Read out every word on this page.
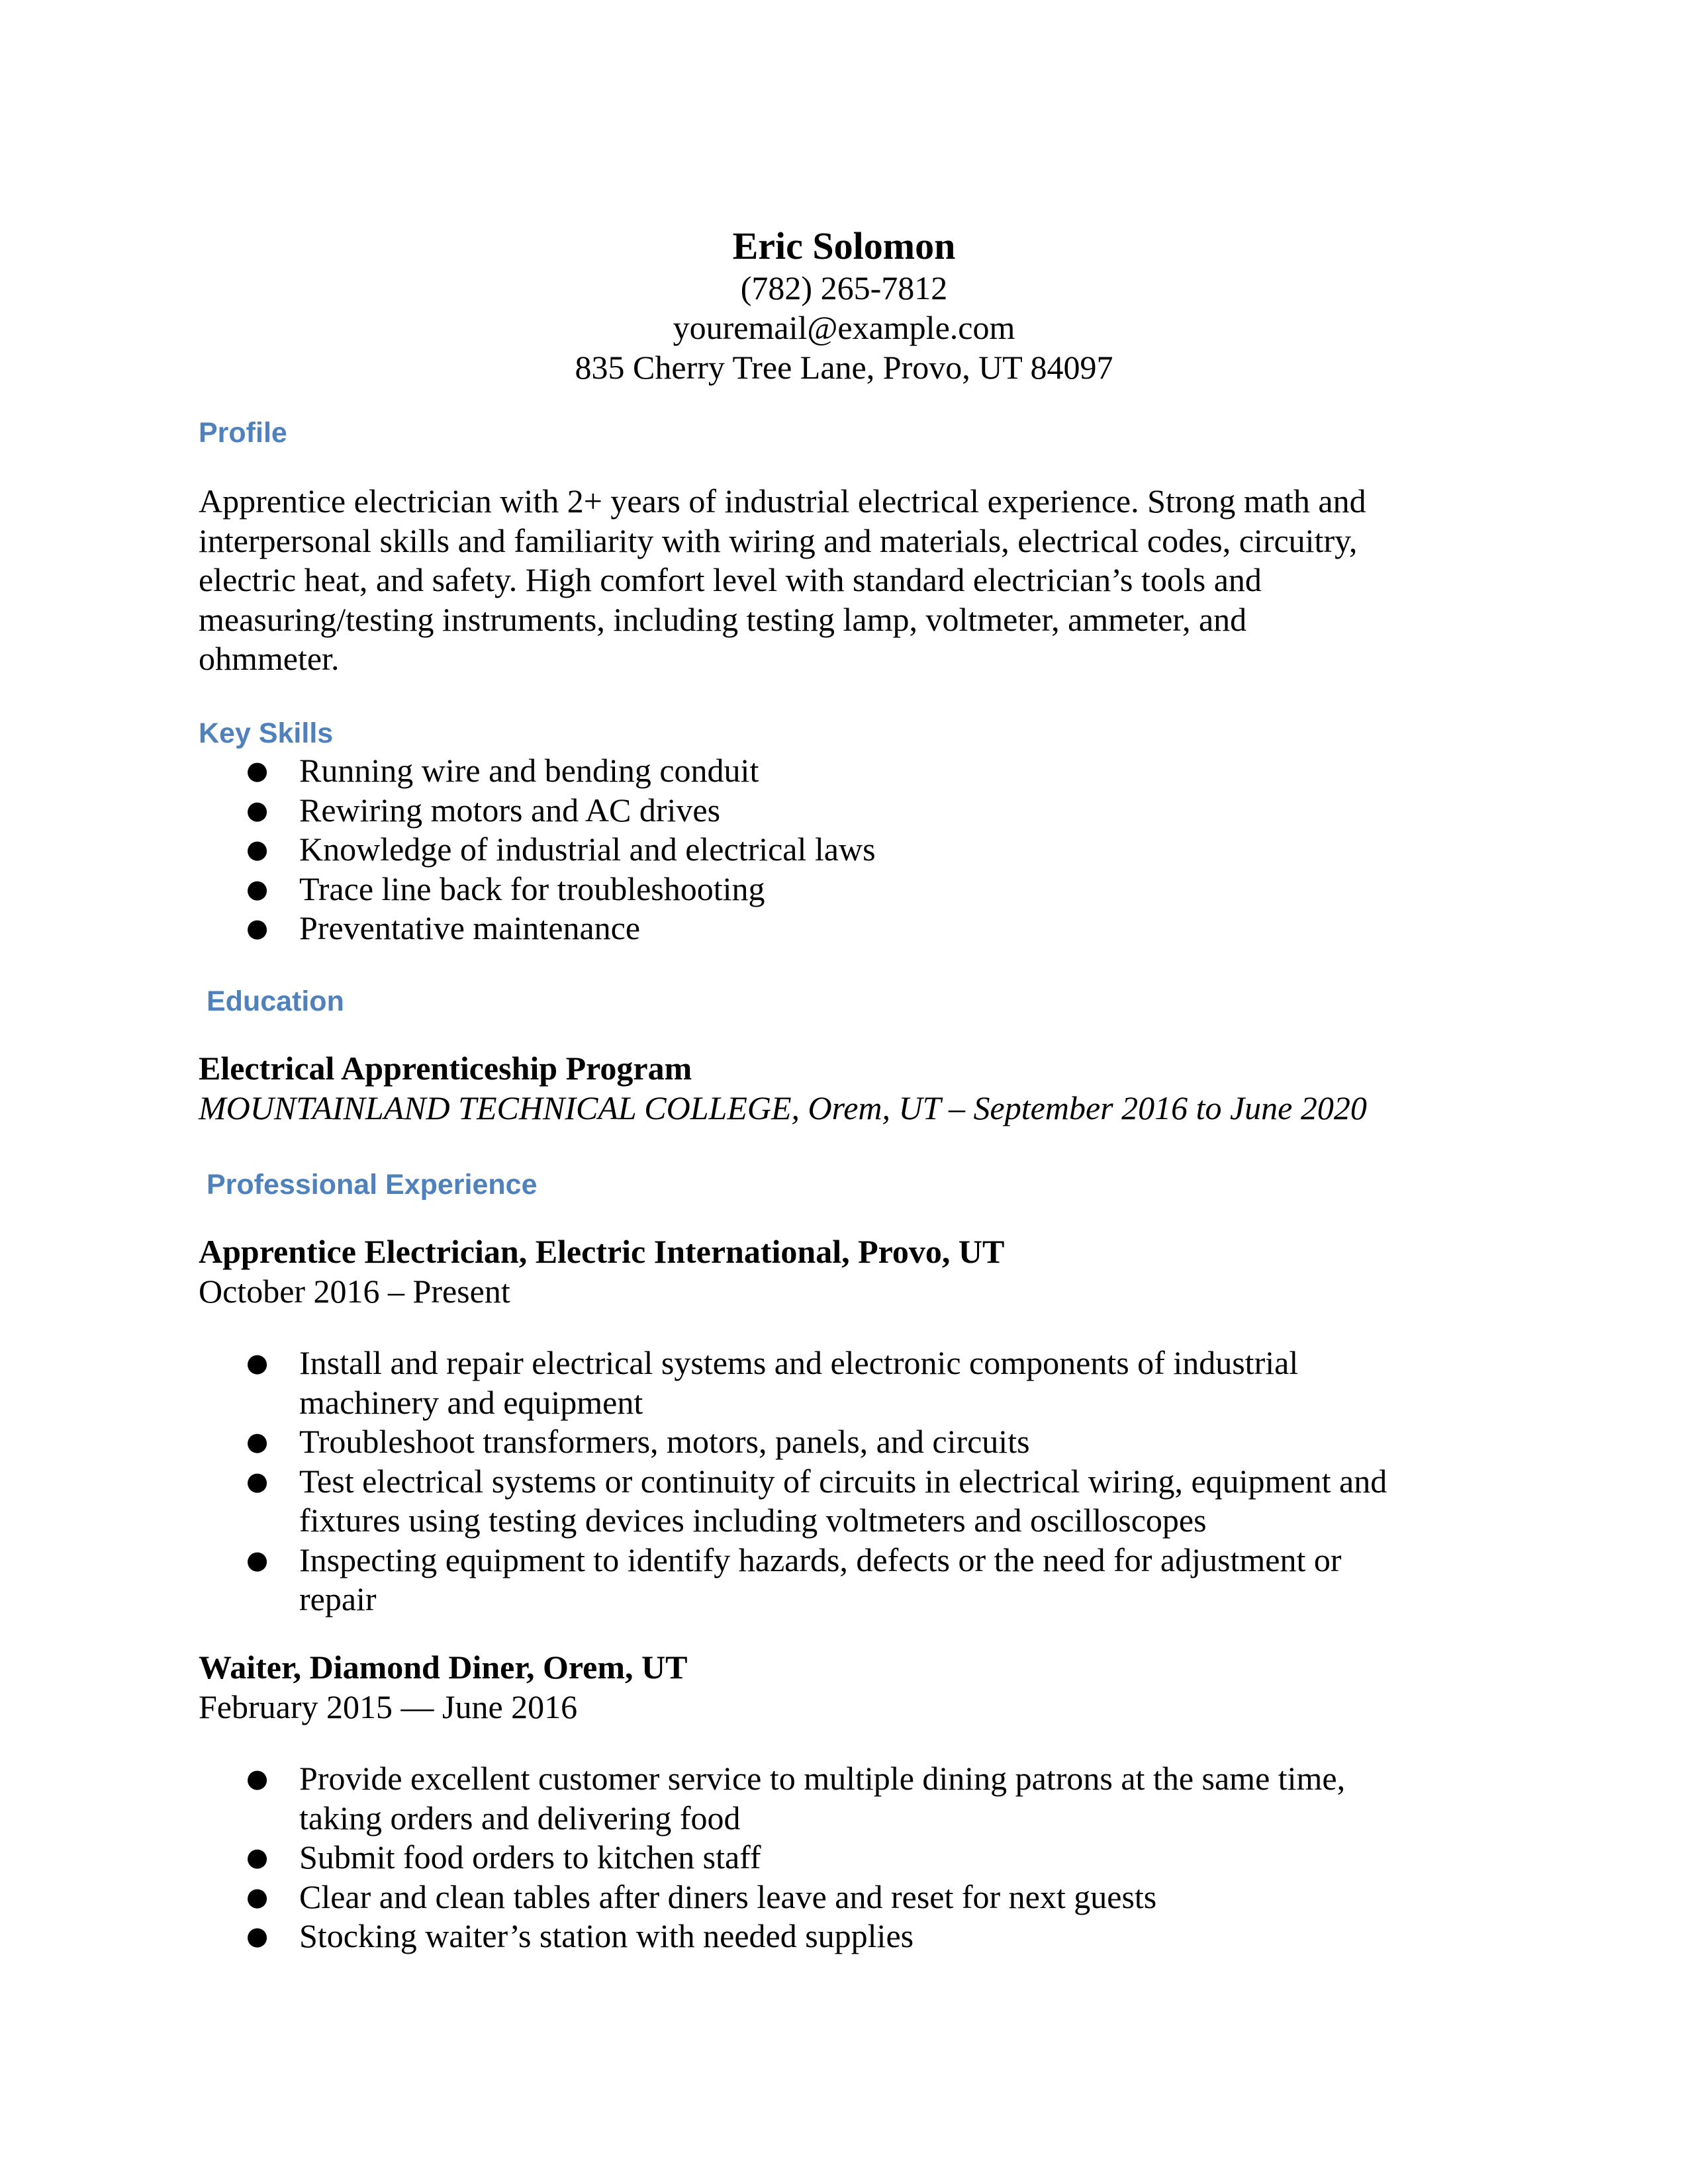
Eric Solomon
(782) 265-7812
youremail@example.com
835 Cherry Tree Lane, Provo, UT 84097
Profile
Apprentice electrician with 2+ years of industrial electrical experience. Strong math and
interpersonal skills and familiarity with wiring and materials, electrical codes, circuitry,
electric heat, and safety. High comfort level with standard electrician’s tools and
measuring/testing instruments, including testing lamp, voltmeter, ammeter, and
ohmmeter.
Key Skills
● Running wire and bending conduit
● Rewiring motors and AC drives
● Knowledge of industrial and electrical laws
● Trace line back for troubleshooting
● Preventative maintenance
Education
Electrical Apprenticeship Program
MOUNTAINLAND TECHNICAL COLLEGE, Orem, UT – September 2016 to June 2020
Professional Experience
Apprentice Electrician, Electric International, Provo, UT
October 2016 – Present
● Install and repair electrical systems and electronic components of industrial
machinery and equipment
● Troubleshoot transformers, motors, panels, and circuits
● Test electrical systems or continuity of circuits in electrical wiring, equipment and
fixtures using testing devices including voltmeters and oscilloscopes
● Inspecting equipment to identify hazards, defects or the need for adjustment or
repair
Waiter, Diamond Diner, Orem, UT
February 2015 — June 2016
● Provide excellent customer service to multiple dining patrons at the same time,
taking orders and delivering food
● Submit food orders to kitchen staff
● Clear and clean tables after diners leave and reset for next guests
● Stocking waiter’s station with needed supplies
